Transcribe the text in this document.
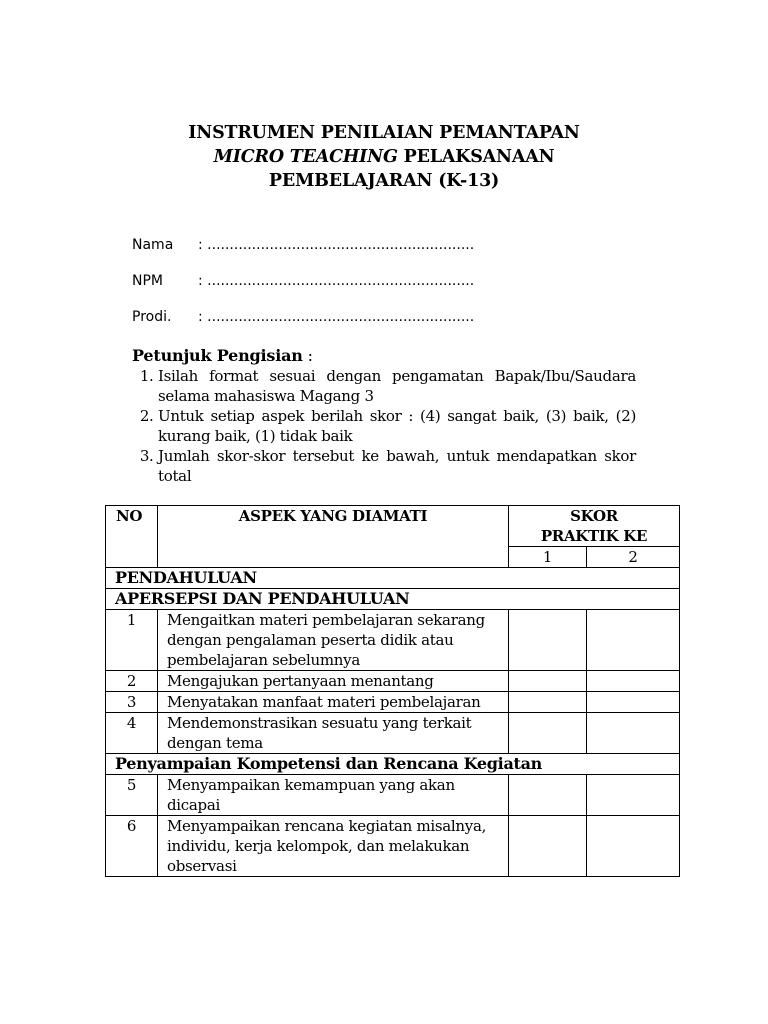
INSTRUMEN PENILAIAN PEMANTAPAN
MICRO TEACHING PELAKSANAAN
PEMBELAJARAN (K-13)
Nama : ............................................................
NPM	: ............................................................
Prodi. : ............................................................
Petunjuk Pengisian :
1. Isilah format sesuai dengan pengamatan Bapak/Ibu/Saudara selama mahasiswa Magang 3
2. Untuk setiap aspek berilah skor : (4) sangat baik, (3) baik, (2) kurang baik, (1) tidak baik
3. Jumlah skor-skor tersebut ke bawah, untuk mendapatkan skor total
NO	ASPEK YANG DIAMATI	SKOR PRAKTIK KE	
		1	2
PENDAHULUAN			
APERSEPSI DAN PENDAHULUAN			
1	Mengaitkan materi pembelajaran sekarang dengan pengalaman peserta didik atau pembelajaran sebelumnya		
2	Mengajukan pertanyaan menantang		
3	Menyatakan manfaat materi pembelajaran		
4	Mendemonstrasikan sesuatu yang terkait dengan tema		
Penyampaian Kompetensi dan Rencana Kegiatan			
5	Menyampaikan kemampuan yang akan dicapai		
6	Menyampaikan rencana kegiatan misalnya, individu, kerja kelompok, dan melakukan observasi		
